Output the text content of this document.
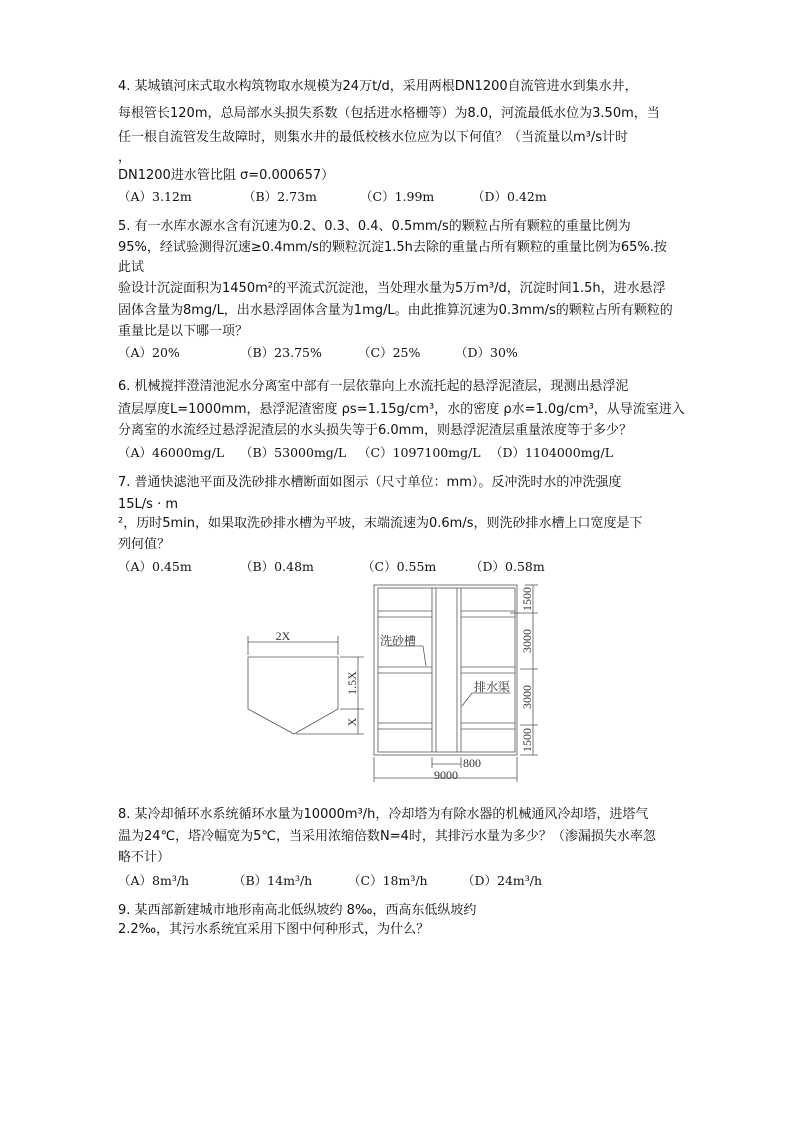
4. 某城镇河床式取水构筑物取水规模为24万t/d，采用两根DN1200自流管进水到集水井，
每根管长120m，总局部水头损失系数（包括进水格栅等）为8.0，河流最低水位为3.50m，当
任一根自流管发生故障时，则集水井的最低校核水位应为以下何值？（当流量以m³/s计时
，
DN1200进水管比阻 σ=0.000657）
（A）3.12m	（B）2.73m	（C）1.99m	（D）0.42m
5. 有一水库水源水含有沉速为0.2、0.3、0.4、0.5mm/s的颗粒占所有颗粒的重量比例为
95%，经试验测得沉速≥0.4mm/s的颗粒沉淀1.5h去除的重量占所有颗粒的重量比例为65%.按
此试
验设计沉淀面积为1450m²的平流式沉淀池，当处理水量为5万m³/d，沉淀时间1.5h，进水悬浮
固体含量为8mg/L，出水悬浮固体含量为1mg/L。由此推算沉速为0.3mm/s的颗粒占所有颗粒的
重量比是以下哪一项？
（A）20%	（B）23.75%	（C）25%	（D）30%
6. 机械搅拌澄清池泥水分离室中部有一层依靠向上水流托起的悬浮泥渣层，现测出悬浮泥
渣层厚度L=1000mm，悬浮泥渣密度 ρs=1.15g/cm³，水的密度 ρ水=1.0g/cm³，从导流室进入
分离室的水流经过悬浮泥渣层的水头损失等于6.0mm，则悬浮泥渣层重量浓度等于多少？
（A）46000mg/L （B）53000mg/L （C）1097100mg/L （D）1104000mg/L
7. 普通快滤池平面及洗砂排水槽断面如图示（尺寸单位：mm）。反冲洗时水的冲洗强度
15L/s · m
²，历时5min，如果取洗砂排水槽为平坡，末端流速为0.6m/s，则洗砂排水槽上口宽度是下
列何值？
（A）0.45m	（B）0.48m	（C）0.55m	（D）0.58m
2X
1.5X
X
洗砂槽
排水渠
1500
3000
3000
1500
800
9000
8. 某冷却循环水系统循环水量为10000m³/h，冷却塔为有除水器的机械通风冷却塔，进塔气
温为24℃，塔冷幅宽为5℃，当采用浓缩倍数N=4时，其排污水量为多少？（渗漏损失水率忽
略不计）
（A）8m³/h	（B）14m³/h	（C）18m³/h	（D）24m³/h
9. 某西部新建城市地形南高北低纵坡约 8‰，西高东低纵坡约
2.2‰，其污水系统宜采用下图中何种形式，为什么？
